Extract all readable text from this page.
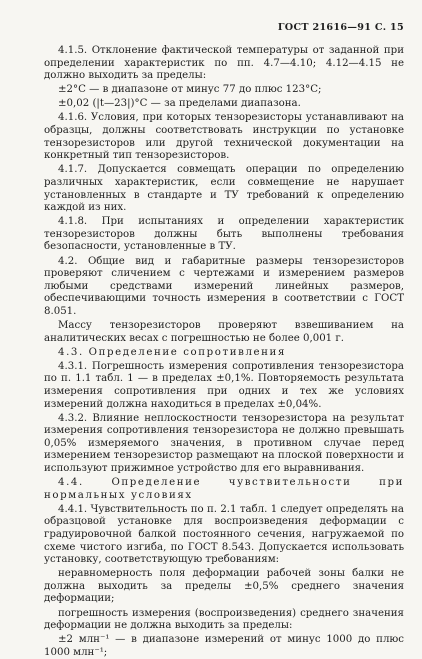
ГОСТ 21616—91 С. 15

4.1.5. Отклонение фактической температуры от заданной при определении характеристик по пп. 4.7—4.10; 4.12—4.15 не должно выходить за пределы:

±2°С — в диапазоне от минус 77 до плюс 123°С;

±0,02 (|t—23|)°С — за пределами диапазона.

4.1.6. Условия, при которых тензорезисторы устанавливают на образцы, должны соответствовать инструкции по установке тензорезисторов или другой технической документации на конкретный тип тензорезисторов.

4.1.7. Допускается совмещать операции по определению различных характеристик, если совмещение не нарушает установленных в стандарте и ТУ требований к определению каждой из них.

4.1.8. При испытаниях и определении характеристик тензорезисторов должны быть выполнены требования безопасности, установленные в ТУ.

4.2. Общие вид и габаритные размеры тензорезисторов проверяют сличением с чертежами и измерением размеров любыми средствами измерений линейных размеров, обеспечивающими точность измерения в соответствии с ГОСТ 8.051.

Массу тензорезисторов проверяют взвешиванием на аналитических весах с погрешностью не более 0,001 г.

4.3. Определение сопротивления

4.3.1. Погрешность измерения сопротивления тензорезистора по п. 1.1 табл. 1 — в пределах ±0,1%. Повторяемость результата измерения сопротивления при одних и тех же условиях измерений должна находиться в пределах ±0,04%.

4.3.2. Влияние неплоскостности тензорезистора на результат измерения сопротивления тензорезистора не должно превышать 0,05% измеряемого значения, в противном случае перед измерением тензорезистор размещают на плоской поверхности и используют прижимное устройство для его выравнивания.

4.4. Определение чувствительности при нормальных условиях

4.4.1. Чувствительность по п. 2.1 табл. 1 следует определять на образцовой установке для воспроизведения деформации с градуировочной балкой постоянного сечения, нагружаемой по схеме чистого изгиба, по ГОСТ 8.543. Допускается использовать установку, соответствующую требованиям:

неравномерность поля деформации рабочей зоны балки не должна выходить за пределы ±0,5% среднего значения деформации;

погрешность измерения (воспроизведения) среднего значения деформации не должна выходить за пределы:

±2 млн⁻¹ — в диапазоне измерений от минус 1000 до плюс 1000 млн⁻¹;
